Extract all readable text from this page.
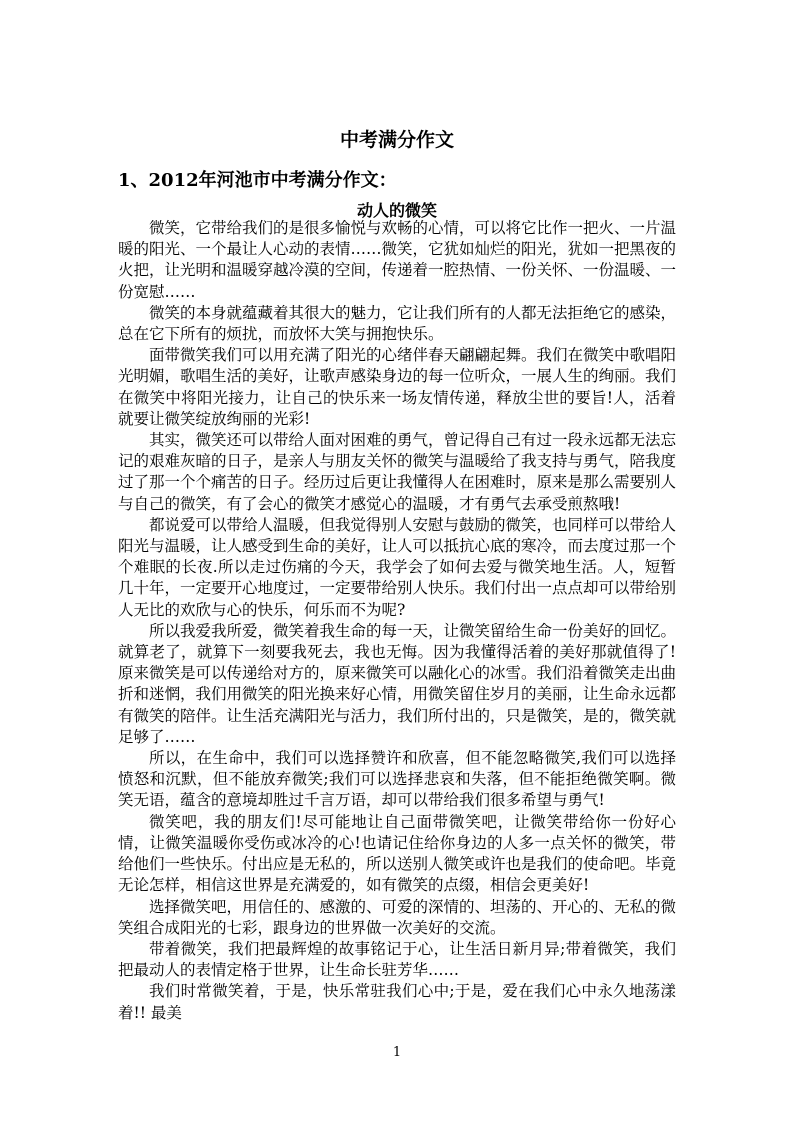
中考满分作文
1、2012年河池市中考满分作文：
动人的微笑

微笑，它带给我们的是很多愉悦与欢畅的心情，可以将它比作一把火、一片温暖的阳光、一个最让人心动的表情……微笑，它犹如灿烂的阳光，犹如一把黑夜的火把，让光明和温暖穿越冷漠的空间，传递着一腔热情、一份关怀、一份温暖、一份宽慰……

微笑的本身就蕴藏着其很大的魅力，它让我们所有的人都无法拒绝它的感染，总在它下所有的烦扰，而放怀大笑与拥抱快乐。

面带微笑我们可以用充满了阳光的心绪伴春天翩翩起舞。我们在微笑中歌唱阳光明媚，歌唱生活的美好，让歌声感染身边的每一位听众，一展人生的绚丽。我们在微笑中将阳光接力，让自己的快乐来一场友情传递，释放尘世的要旨!人，活着就要让微笑绽放绚丽的光彩!

其实，微笑还可以带给人面对困难的勇气，曾记得自己有过一段永远都无法忘记的艰难灰暗的日子，是亲人与朋友关怀的微笑与温暖给了我支持与勇气，陪我度过了那一个个痛苦的日子。经历过后更让我懂得人在困难时，原来是那么需要别人与自己的微笑，有了会心的微笑才感觉心的温暖，才有勇气去承受煎熬哦!

都说爱可以带给人温暖，但我觉得别人安慰与鼓励的微笑，也同样可以带给人阳光与温暖，让人感受到生命的美好，让人可以抵抗心底的寒冷，而去度过那一个个难眠的长夜.所以走过伤痛的今天，我学会了如何去爱与微笑地生活。人，短暂几十年，一定要开心地度过，一定要带给别人快乐。我们付出一点点却可以带给别人无比的欢欣与心的快乐，何乐而不为呢?

所以我爱我所爱，微笑着我生命的每一天，让微笑留给生命一份美好的回忆。就算老了，就算下一刻要我死去，我也无悔。因为我懂得活着的美好那就值得了!原来微笑是可以传递给对方的，原来微笑可以融化心的冰雪。我们沿着微笑走出曲折和迷惘，我们用微笑的阳光换来好心情，用微笑留住岁月的美丽，让生命永远都有微笑的陪伴。让生活充满阳光与活力，我们所付出的，只是微笑，是的，微笑就足够了……

所以，在生命中，我们可以选择赞许和欣喜，但不能忽略微笑,我们可以选择愤怒和沉默，但不能放弃微笑;我们可以选择悲哀和失落，但不能拒绝微笑啊。微笑无语，蕴含的意境却胜过千言万语，却可以带给我们很多希望与勇气!

微笑吧，我的朋友们!尽可能地让自己面带微笑吧，让微笑带给你一份好心情，让微笑温暖你受伤或冰冷的心!也请记住给你身边的人多一点关怀的微笑，带给他们一些快乐。付出应是无私的，所以送别人微笑或许也是我们的使命吧。毕竟无论怎样，相信这世界是充满爱的，如有微笑的点缀，相信会更美好!

选择微笑吧，用信任的、感激的、可爱的深情的、坦荡的、开心的、无私的微笑组合成阳光的七彩，跟身边的世界做一次美好的交流。

带着微笑，我们把最辉煌的故事铭记于心，让生活日新月异;带着微笑，我们把最动人的表情定格于世界，让生命长驻芳华……

我们时常微笑着，于是，快乐常驻我们心中;于是，爱在我们心中永久地荡漾着!! 最美

1
